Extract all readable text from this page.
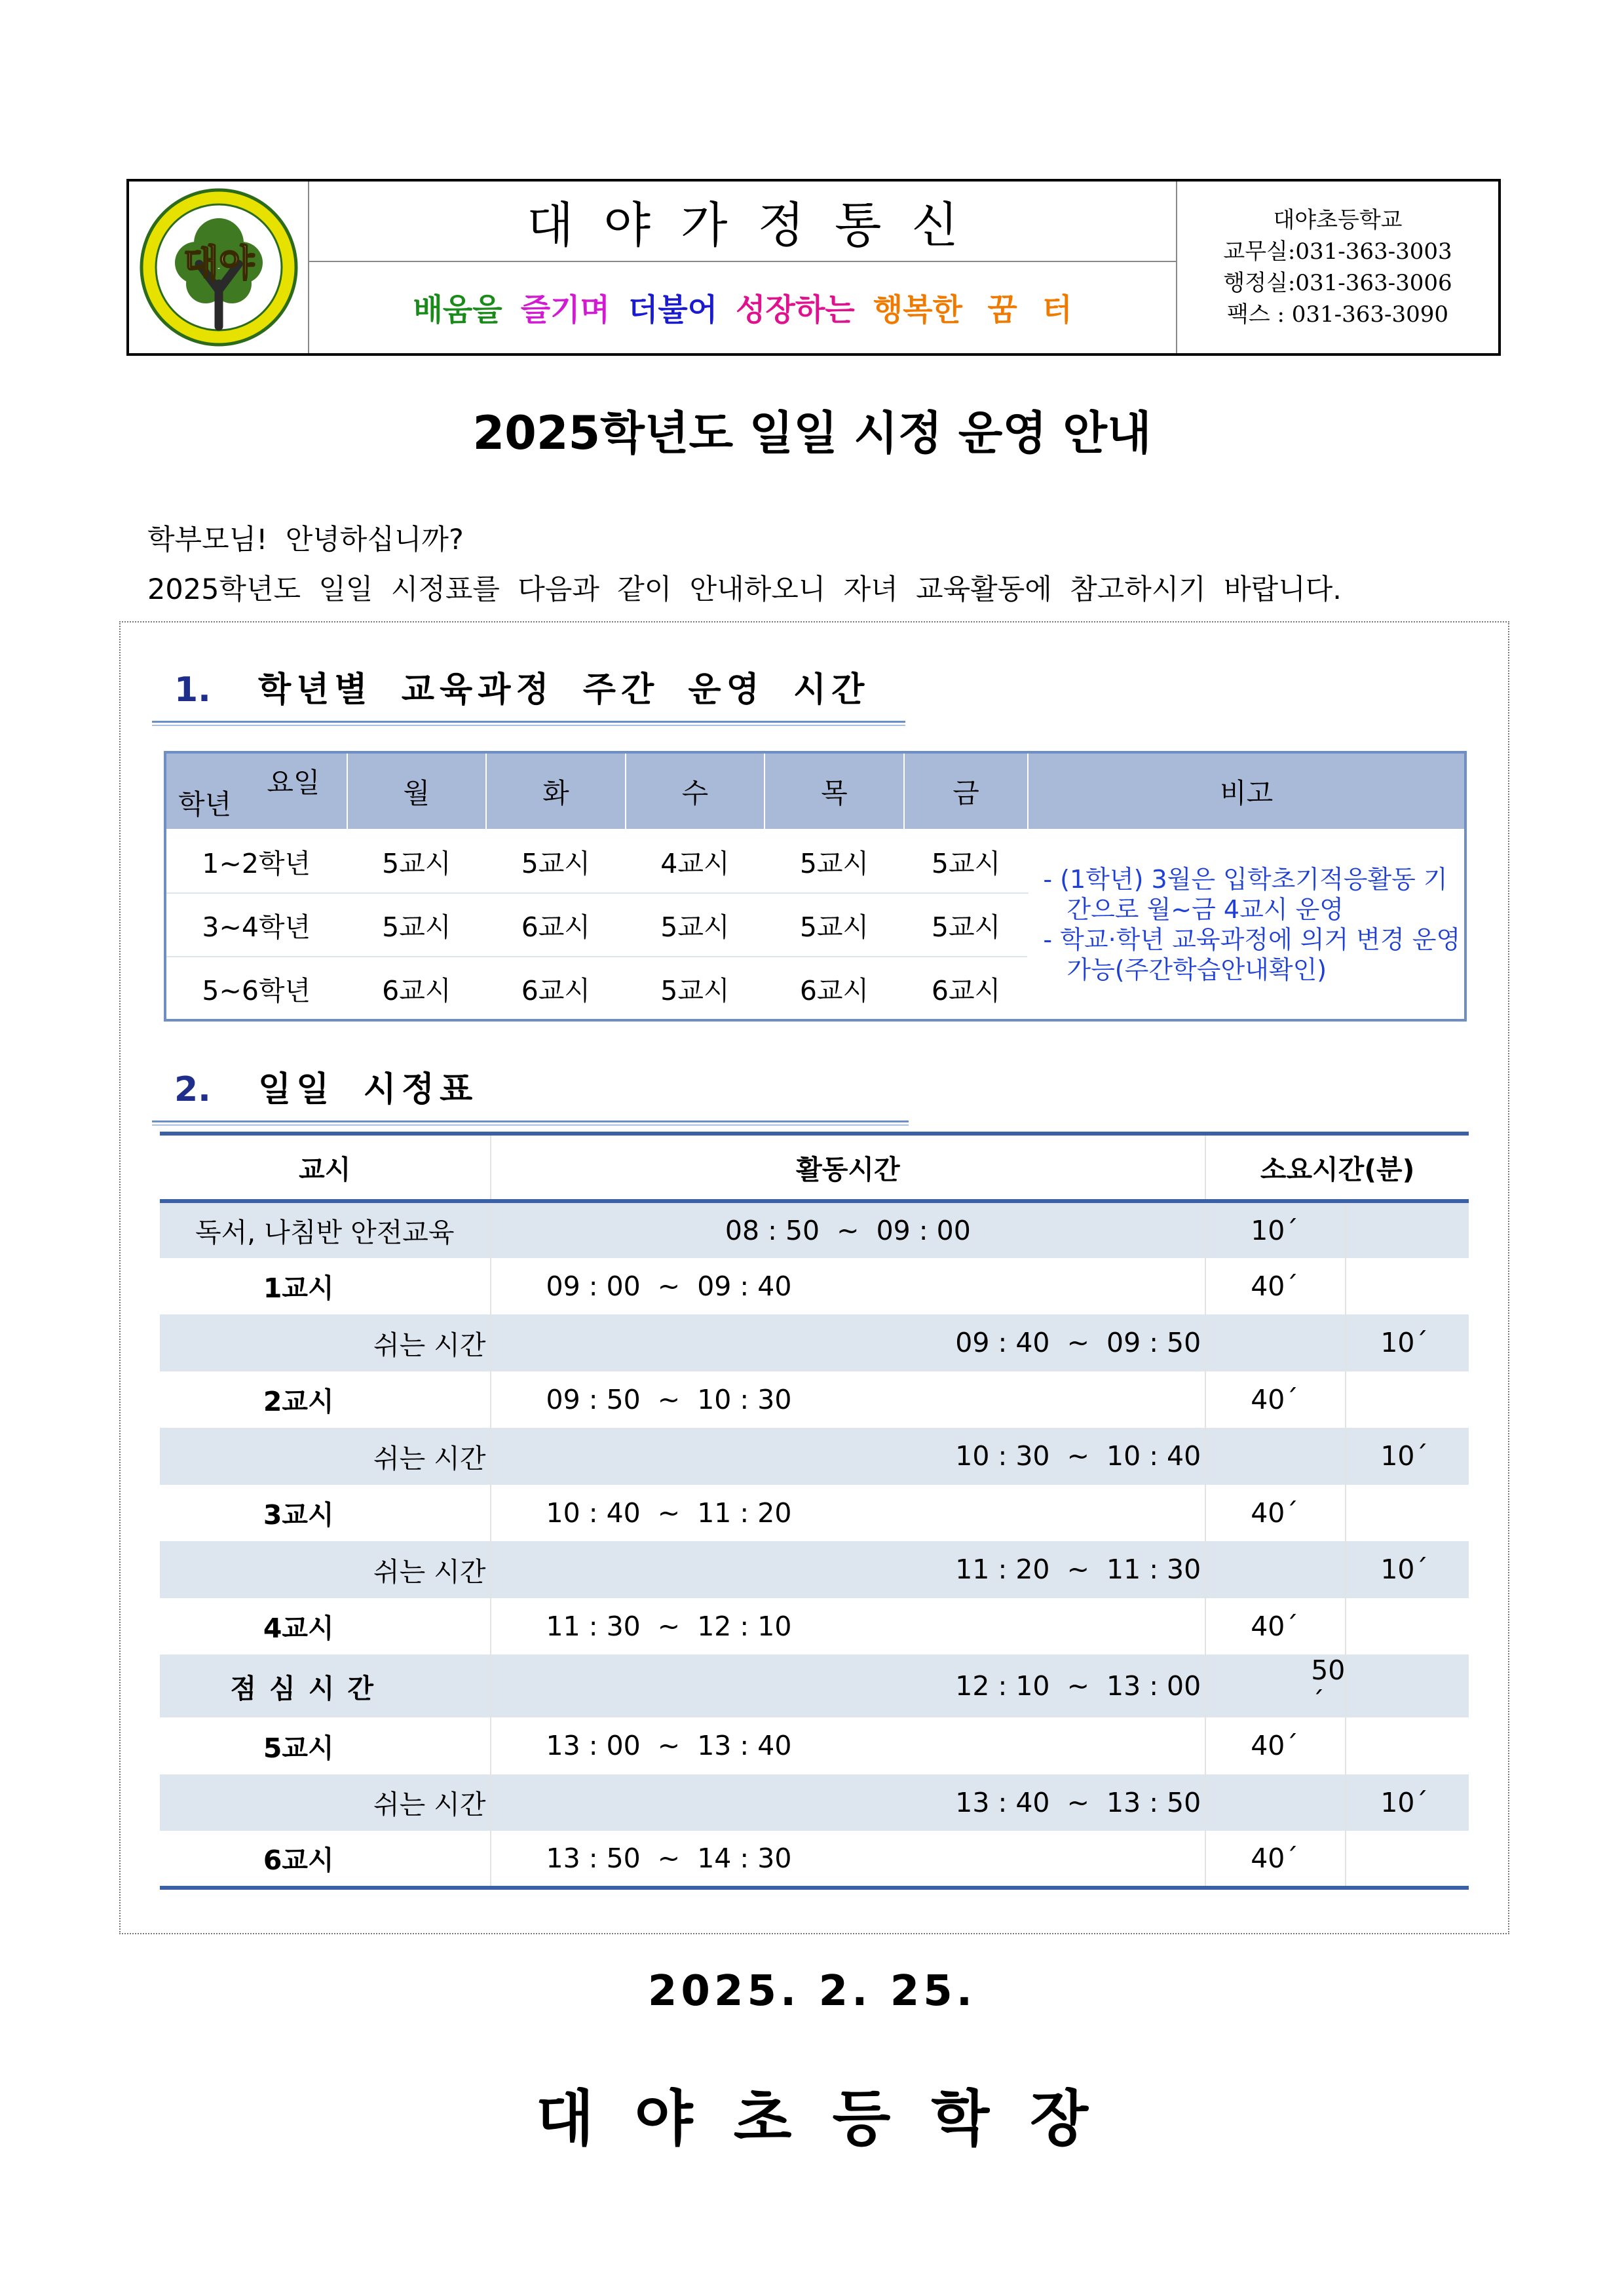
대야
대야가정통신
배움을 즐기며 더불어 성장하는 행복한 꿈 터
대야초등학교
교무실:031-363-3003
행정실:031-363-3006
팩스 : 031-363-3090
2025학년도 일일 시정 운영 안내
학부모님!  안녕하십니까?
2025학년도  일일  시정표를  다음과  같이  안내하오니  자녀  교육활동에  참고하시기  바랍니다.
1. 학년별 교육과정 주간 운영 시간
요일
학년	월	화	수	목	금	비고
1~2학년	5교시	5교시	4교시	5교시	5교시	- (1학년) 3월은 입학초기적응활동 기간으로 월~금 4교시 운영
- 학교·학년 교육과정에 의거 변경 운영 가능(주간학습안내확인)

3~4학년	5교시	6교시	5교시	5교시	5교시	
5~6학년	6교시	6교시	5교시	6교시	6교시	
2. 일일 시정표

교시	활동시간	소요시간(분)	
독서, 나침반 안전교육	08 : 50  ~  09 : 00	10´	
1교시	09 : 00  ~  09 : 40	40´	
쉬는 시간	09 : 40  ~  09 : 50		10´
2교시	09 : 50  ~  10 : 30	40´	
쉬는 시간	10 : 30  ~  10 : 40		10´
3교시	10 : 40  ~  11 : 20	40´	
쉬는 시간	11 : 20  ~  11 : 30		10´
4교시	11 : 30  ~  12 : 10	40´	
점심시간	12 : 10  ~  13 : 00	50´	
5교시	13 : 00  ~  13 : 40	40´	
쉬는 시간	13 : 40  ~  13 : 50		10´
6교시	13 : 50  ~  14 : 30	40´	
2025. 2. 25.
대야초등학장
